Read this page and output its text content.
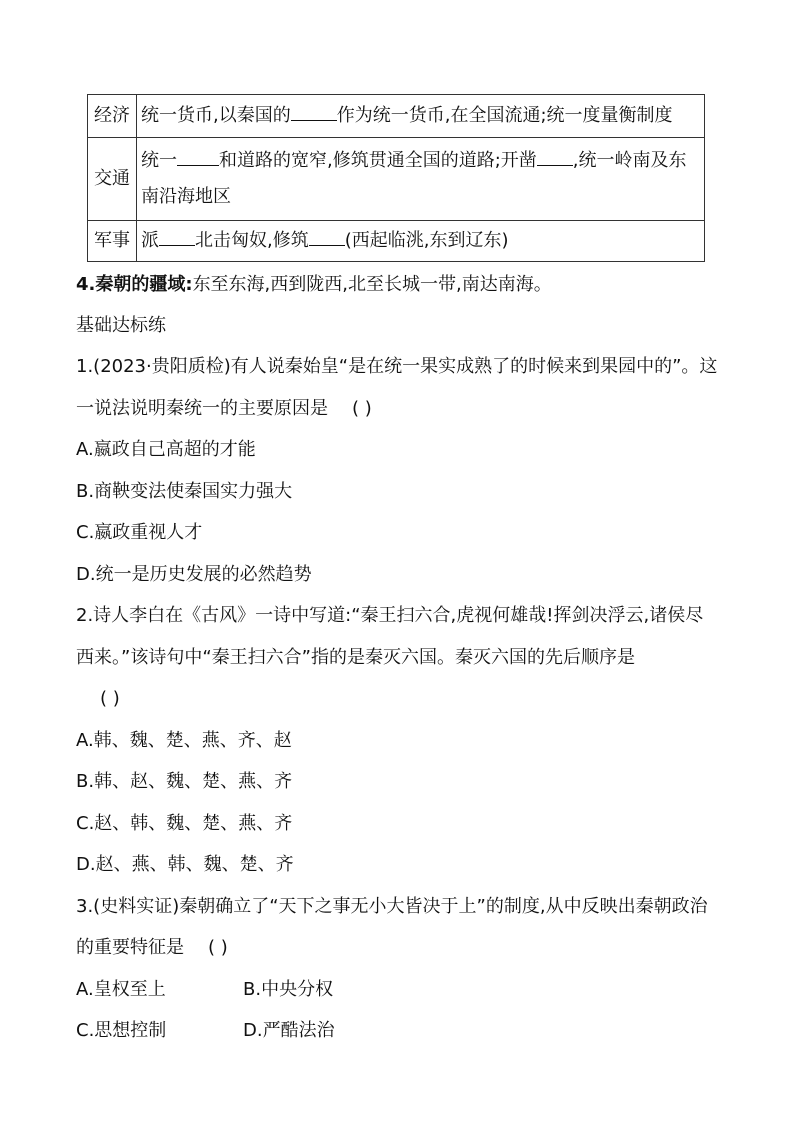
经济	统一货币,以秦国的 作为统一货币,在全国流通;统一度量衡制度
交通	统一 和道路的宽窄,修筑贯通全国的道路;开凿 ,统一岭南及东
南沿海地区
军事	派 北击匈奴,修筑 (西起临洮,东到辽东)
4.秦朝的疆域:东至东海,西到陇西,北至长城一带,南达南海。
基础达标练
1.(2023·贵阳质检)有人说秦始皇“是在统一果实成熟了的时候来到果园中的”。这
一说法说明秦统一的主要原因是 ( )
A.嬴政自己高超的才能
B.商鞅变法使秦国实力强大
C.嬴政重视人才
D.统一是历史发展的必然趋势
2.诗人李白在《古风》一诗中写道:“秦王扫六合,虎视何雄哉!挥剑决浮云,诸侯尽
西来。”该诗句中“秦王扫六合”指的是秦灭六国。秦灭六国的先后顺序是
( )
A.韩、魏、楚、燕、齐、赵
B.韩、赵、魏、楚、燕、齐
C.赵、韩、魏、楚、燕、齐
D.赵、燕、韩、魏、楚、齐
3.(史料实证)秦朝确立了“天下之事无小大皆决于上”的制度,从中反映出秦朝政治
的重要特征是 ( )
A.皇权至上	B.中央分权
C.思想控制	D.严酷法治
